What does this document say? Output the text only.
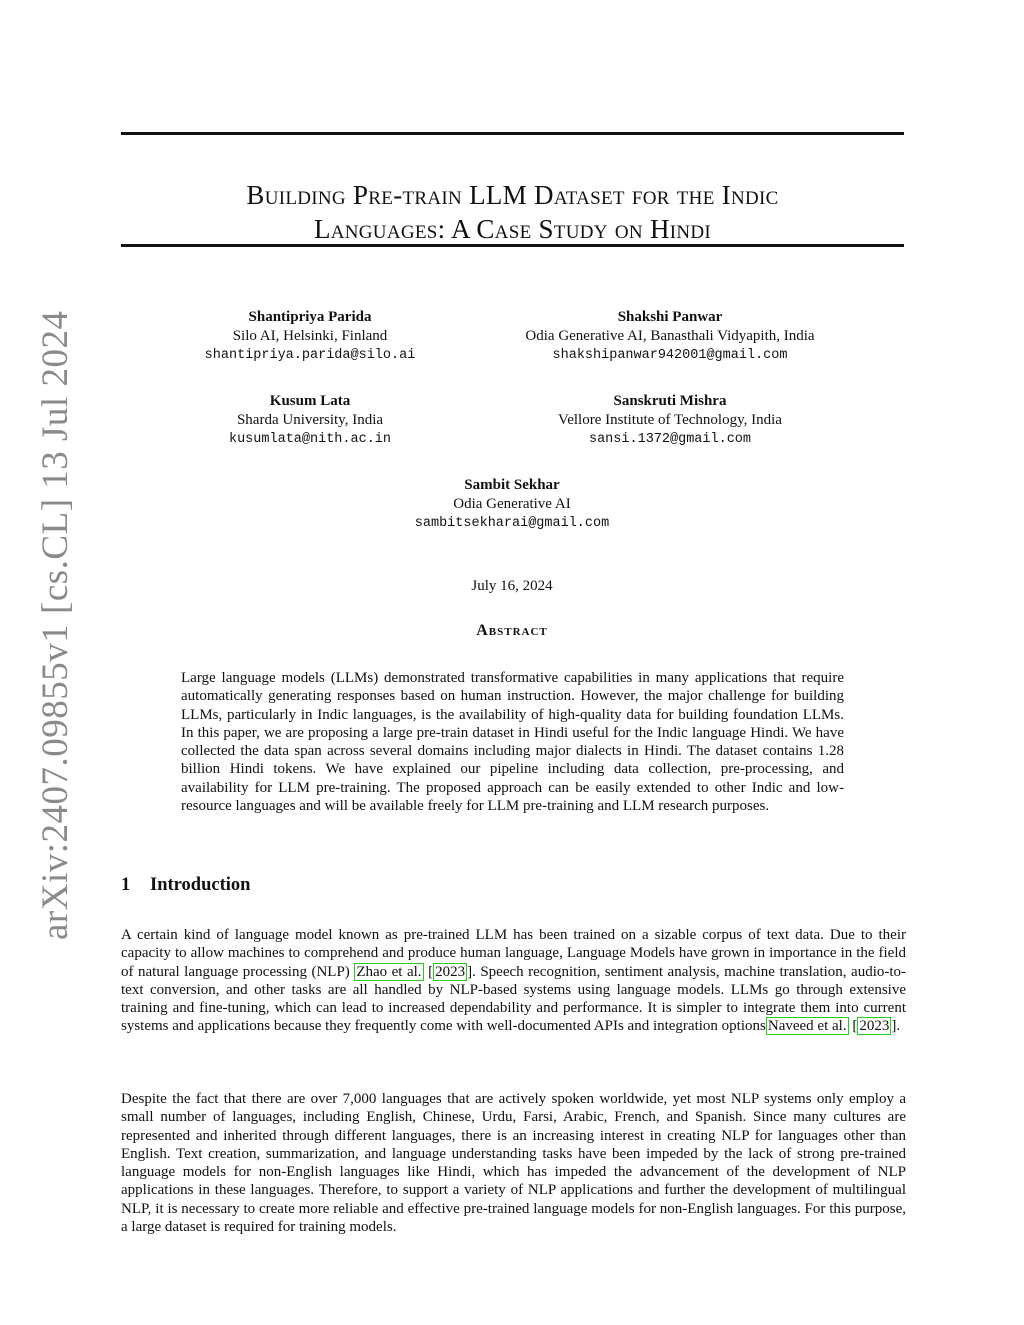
arXiv:2407.09855v1 [cs.CL] 13 Jul 2024
Building Pre-train LLM Dataset for the Indic
Languages: A Case Study on Hindi
Shantipriya Parida
Silo AI, Helsinki, Finland
shantipriya.parida@silo.ai
Shakshi Panwar
Odia Generative AI, Banasthali Vidyapith, India
shakshipanwar942001@gmail.com
Kusum Lata
Sharda University, India
kusumlata@nith.ac.in
Sanskruti Mishra
Vellore Institute of Technology, India
sansi.1372@gmail.com
Sambit Sekhar
Odia Generative AI
sambitsekharai@gmail.com
July 16, 2024
Abstract
Large language models (LLMs) demonstrated transformative capabilities in many applications that require automatically generating responses based on human instruction. However, the major challenge for building LLMs, particularly in Indic languages, is the availability of high-quality data for building foundation LLMs. In this paper, we are proposing a large pre-train dataset in Hindi useful for the Indic language Hindi. We have collected the data span across several domains including major dialects in Hindi. The dataset contains 1.28 billion Hindi tokens. We have explained our pipeline including data collection, pre-processing, and availability for LLM pre-training. The proposed approach can be easily extended to other Indic and low-resource languages and will be available freely for LLM pre-training and LLM research purposes.
1 Introduction

A certain kind of language model known as pre-trained LLM has been trained on a sizable corpus of text data. Due to their capacity to allow machines to comprehend and produce human language, Language Models have grown in importance in the field of natural language processing (NLP) Zhao et al. [ 2023 ]. Speech recognition, sentiment analysis, machine translation, audio-to-text conversion, and other tasks are all handled by NLP-based systems using language models. LLMs go through extensive training and fine-tuning, which can lead to increased dependability and performance. It is simpler to integrate them into current systems and applications because they frequently come with well-documented APIs and integration options Naveed et al. [ 2023 ].

Despite the fact that there are over 7,000 languages that are actively spoken worldwide, yet most NLP systems only employ a small number of languages, including English, Chinese, Urdu, Farsi, Arabic, French, and Spanish. Since many cultures are represented and inherited through different languages, there is an increasing interest in creating NLP for languages other than English. Text creation, summarization, and language understanding tasks have been impeded by the lack of strong pre-trained language models for non-English languages like Hindi, which has impeded the advancement of the development of NLP applications in these languages. Therefore, to support a variety of NLP applications and further the development of multilingual NLP, it is necessary to create more reliable and effective pre-trained language models for non-English languages. For this purpose, a large dataset is required for training models.
